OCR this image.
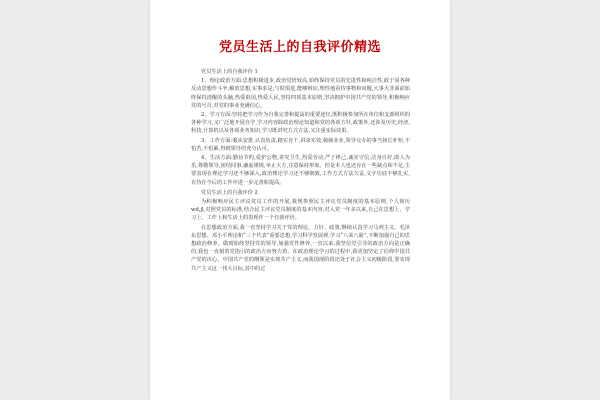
党员生活上的自我评价精选

党员生活上的自我评价 1

1、理论政治方面:思想积极进步,政治觉悟较高,始终保持党员的先进性和纯洁性,敢于同各种反动思想作斗争,解放思想,实事求是,与时俱进,能够辩证,理性地看待事物和问题,大事大非面前始终保持清醒的头脑,热爱祖国,热爱人民,坚持四项基本原则,坚决拥护中国共产党的领导,积极响应党的号召,对党的事业充满信心。

2、学习方面:坚持把学习作为自我完善和提高的重要途径,既积极参加所在单位和支部组织的各种学习,又广泛地开展自学,学习内容除政治理论知道和党的各项方针,政策外,还涉及历史,经济,科技,计算机以及各项业务知识,学习既讲究方式方法,又注重实际效果。

3、工作方面:服从安排,认真负责,踏实肯干,讲求实效,兢兢业业,领导交办的事当扬长补短,不怕苦,不怕累,得到领导的充分认可。

4、生活方面:勤俭节约,爱护公物,讲究卫生,热爱劳动,严于律己,诚实守信,洁身自好,助人为乐,尊敬领导,团结同事,谦虚谨慎,举止大方,注意保持形象。但是本人也还存在一些缺点和不足,主要表现在理论学习还不够深入,政治理论学习还不够细致,工作方式方法欠妥,文字功底不够扎实,有待在今后的工作中进一步完善和提高。

党员生活上的自我评价 2

为积极响应民主评议党员工作的开展,我规参照民主评议党员制度的基本原则,个人简历 wd,jl,对照党员的标准,结合民主评议党员制度的基本内容,对入党一年多以来,自己在思想上、学习上、工作上和生活上的表现作一个自我评价。

在思想政治方面,我一直坚持学习关于党的理论、方针、政策,继续认真学习马列主义、毛泽东思想、邓小平理论和“三个代表”重要思想,学习科学发展观,学习“八荣八耻”,不断加强自己的思想政治修养。做到始终坚持党的领导,加强党性修养,一直以来,我坚信党引导的政治方向是正确的,我也一直刻着党指引的政治方向努力着、在政治理论学习的过程中,我更加坚定了信仰中国共产党的决心。中国共产党的纲领是实现共产主义,而我国现阶段还处于社会主义初级阶段,要实现共产主义这一伟大目标,其中的过
